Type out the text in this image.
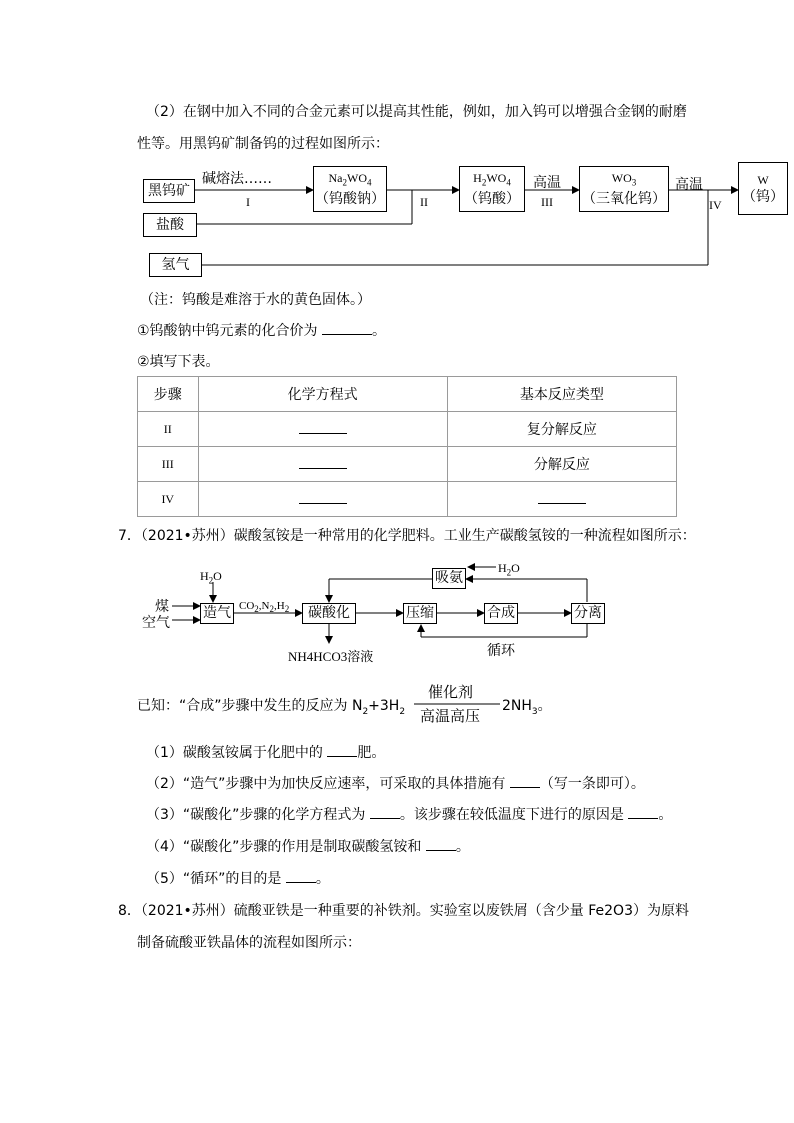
（2）在钢中加入不同的合金元素可以提高其性能，例如，加入钨可以增强合金钢的耐磨
性等。用黑钨矿制备钨的过程如图所示：
黑钨矿
盐酸
氢气
碱熔法……
I
$Na_2WO_4$
（钨酸钠）	II
$H_2WO_4$
（钨酸）
高温
III
$WO_3$
（三氧化钨）
高温
IV
W
（钨）
（注：钨酸是难溶于水的黄色固体。）
①钨酸钠中钨元素的化合价为	。
②填写下表。
步骤	化学方程式	基本反应类型
II		复分解反应
III		分解反应
IV		
7．（2021•苏州）碳酸氢铵是一种常用的化学肥料。工业生产碳酸氢铵的一种流程如图所示：
$H_2O$
煤
空气
造气 $CO_2,N_2,H_2$	碳酸化	压缩	合成	分离
吸氨
$H_2O$
NH4HCO3溶液	循环
已知：“合成”步骤中发生的反应为 $N_2+3H_2$
催化剂
高温高压
$2NH_3$。
（1）碳酸氢铵属于化肥中的 肥。
（2）“造气”步骤中为加快反应速率，可采取的具体措施有 （写一条即可）。
（3）“碳酸化”步骤的化学方程式为 。该步骤在较低温度下进行的原因是 。
（4）“碳酸化”步骤的作用是制取碳酸氢铵和 。
（5）“循环”的目的是 。
8．（2021•苏州）硫酸亚铁是一种重要的补铁剂。实验室以废铁屑（含少量 Fe2O3）为原料
制备硫酸亚铁晶体的流程如图所示：
